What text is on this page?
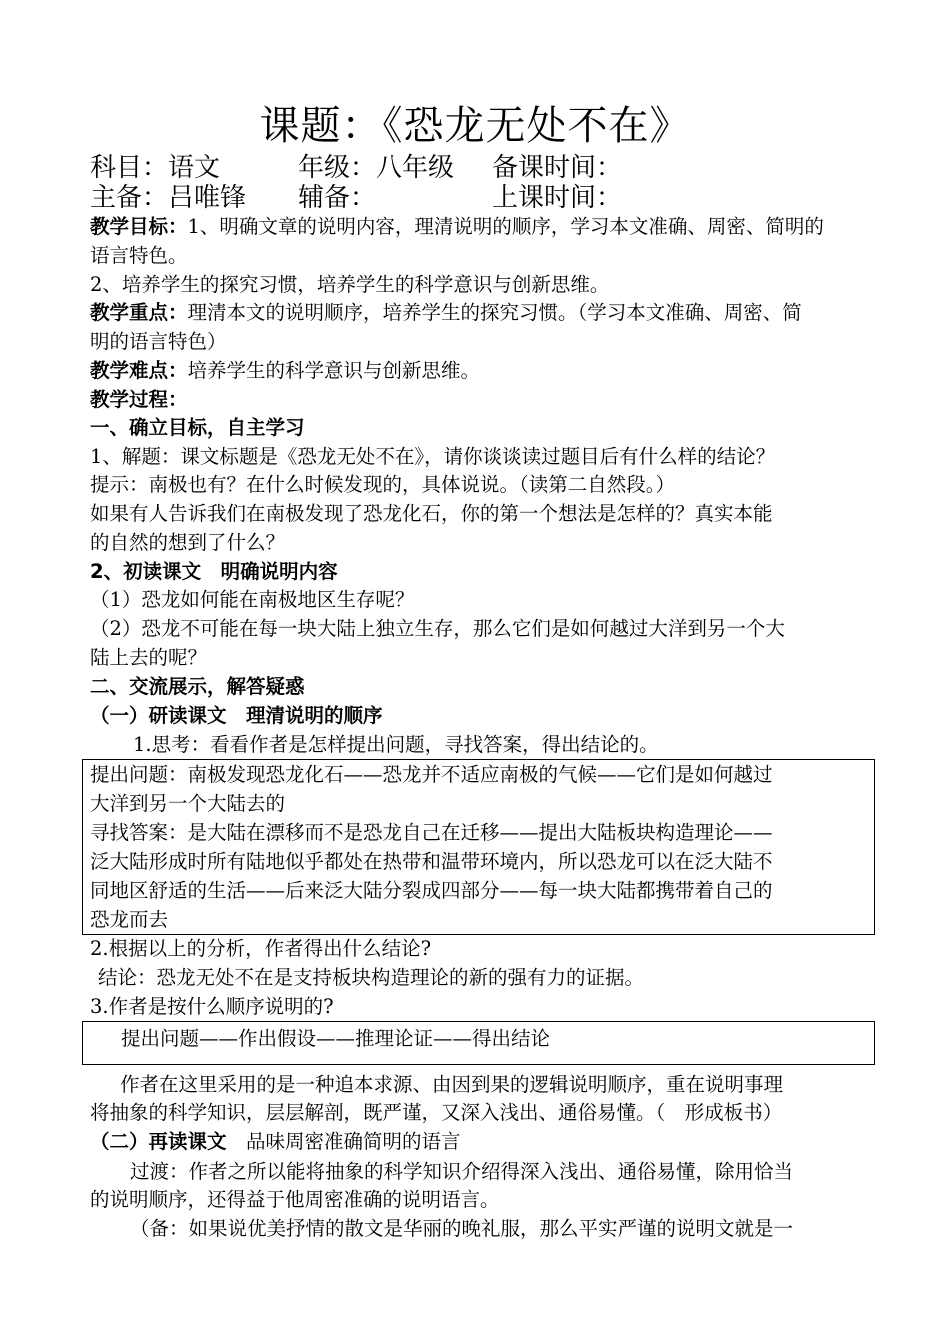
课题：《恐龙无处不在》
科目：语文	年级：八年级 备课时间：
主备：吕唯锋 辅备：	上课时间：
教学目标：1、明确文章的说明内容，理清说明的顺序，学习本文准确、周密、简明的
语言特色。
2、培养学生的探究习惯，培养学生的科学意识与创新思维。
教学重点：理清本文的说明顺序，培养学生的探究习惯。（学习本文准确、周密、简
明的语言特色）
教学难点：培养学生的科学意识与创新思维。
教学过程：
一、确立目标，自主学习
1、解题：课文标题是《恐龙无处不在》，请你谈谈读过题目后有什么样的结论？
提示：南极也有？在什么时候发现的，具体说说。（读第二自然段。）
如果有人告诉我们在南极发现了恐龙化石，你的第一个想法是怎样的？真实本能
的自然的想到了什么？
2、初读课文　明确说明内容
（1）恐龙如何能在南极地区生存呢？
（2）恐龙不可能在每一块大陆上独立生存，那么它们是如何越过大洋到另一个大
陆上去的呢？
二、交流展示，解答疑惑
（一）研读课文　理清说明的顺序
1.思考：看看作者是怎样提出问题，寻找答案，得出结论的。
提出问题：南极发现恐龙化石——恐龙并不适应南极的气候——它们是如何越过
大洋到另一个大陆去的
寻找答案：是大陆在漂移而不是恐龙自己在迁移——提出大陆板块构造理论——
泛大陆形成时所有陆地似乎都处在热带和温带环境内，所以恐龙可以在泛大陆不
同地区舒适的生活——后来泛大陆分裂成四部分——每一块大陆都携带着自己的
恐龙而去
2.根据以上的分析，作者得出什么结论?
结论：恐龙无处不在是支持板块构造理论的新的强有力的证据。
3.作者是按什么顺序说明的?
提出问题——作出假设——推理论证——得出结论
作者在这里采用的是一种追本求源、由因到果的逻辑说明顺序，重在说明事理
将抽象的科学知识，层层解剖，既严谨，又深入浅出、通俗易懂。（　形成板书）
（二）再读课文　品味周密准确简明的语言
过渡：作者之所以能将抽象的科学知识介绍得深入浅出、通俗易懂，除用恰当
的说明顺序，还得益于他周密准确的说明语言。
（备：如果说优美抒情的散文是华丽的晚礼服，那么平实严谨的说明文就是一
